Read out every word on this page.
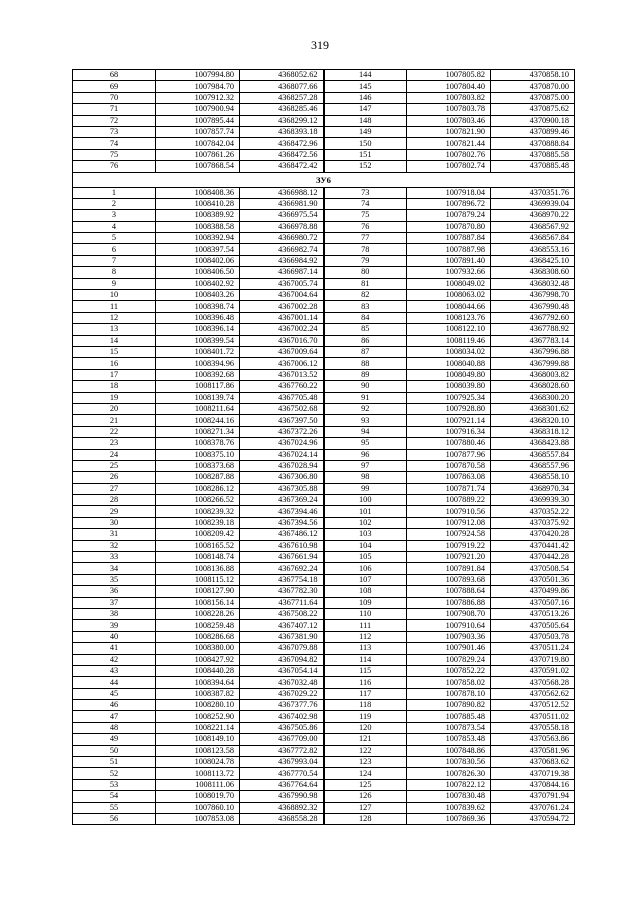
319
68	1007994.80	4368052.62	144	1007805.82	4370858.10
69	1007984.70	4368077.66	145	1007804.40	4370870.00
70	1007912.32	4368257.28	146	1007803.82	4370875.00
71	1007900.94	4368285.46	147	1007803.78	4370875.62
72	1007895.44	4368299.12	148	1007803.46	4370900.18
73	1007857.74	4368393.18	149	1007821.90	4370899.46
74	1007842.04	4368472.96	150	1007821.44	4370888.84
75	1007861.26	4368472.56	151	1007802.76	4370885.58
76	1007868.54	4368472.42	152	1007802.74	4370885.48
ЗУ6					
1	1008408.36	4366988.12	73	1007918.04	4370351.76
2	1008410.28	4366981.90	74	1007896.72	4369939.04
3	1008389.92	4366975.54	75	1007879.24	4368970.22
4	1008388.58	4366978.88	76	1007870.80	4368567.92
5	1008392.94	4366980.72	77	1007887.84	4368567.84
6	1008397.54	4366982.74	78	1007887.98	4368553.16
7	1008402.06	4366984.92	79	1007891.40	4368425.10
8	1008406.50	4366987.14	80	1007932.66	4368308.60
9	1008402.92	4367005.74	81	1008049.02	4368032.48
10	1008403.26	4367004.64	82	1008063.02	4367998.70
11	1008398.74	4367002.28	83	1008044.66	4367990.48
12	1008396.48	4367001.14	84	1008123.76	4367792.60
13	1008396.14	4367002.24	85	1008122.10	4367788.92
14	1008399.54	4367016.70	86	1008119.46	4367783.14
15	1008401.72	4367009.64	87	1008034.02	4367996.88
16	1008394.96	4367006.12	88	1008040.88	4367999.88
17	1008392.68	4367013.52	89	1008049.80	4368003.82
18	1008117.86	4367760.22	90	1008039.80	4368028.60
19	1008139.74	4367705.48	91	1007925.34	4368300.20
20	1008211.64	4367502.68	92	1007928.80	4368301.62
21	1008244.16	4367397.50	93	1007921.14	4368320.10
22	1008271.34	4367372.26	94	1007916.34	4368318.12
23	1008378.76	4367024.96	95	1007880.46	4368423.88
24	1008375.10	4367024.14	96	1007877.96	4368557.84
25	1008373.68	4367028.94	97	1007870.58	4368557.96
26	1008287.88	4367306.80	98	1007863.08	4368558.10
27	1008286.12	4367305.88	99	1007871.74	4368970.34
28	1008266.52	4367369.24	100	1007889.22	4369939.30
29	1008239.32	4367394.46	101	1007910.56	4370352.22
30	1008239.18	4367394.56	102	1007912.08	4370375.92
31	1008209.42	4367486.12	103	1007924.58	4370420.28
32	1008165.52	4367610.98	104	1007919.22	4370441.42
33	1008148.74	4367661.94	105	1007921.20	4370442.28
34	1008136.88	4367692.24	106	1007891.84	4370508.54
35	1008115.12	4367754.18	107	1007893.68	4370501.36
36	1008127.90	4367782.30	108	1007888.64	4370499.86
37	1008156.14	4367711.64	109	1007886.88	4370507.16
38	1008228.26	4367508.22	110	1007908.70	4370513.26
39	1008259.48	4367407.12	111	1007910.64	4370505.64
40	1008286.68	4367381.90	112	1007903.36	4370503.78
41	1008380.00	4367079.88	113	1007901.46	4370511.24
42	1008427.92	4367094.82	114	1007829.24	4370719.80
43	1008440.28	4367054.14	115	1007852.22	4370591.02
44	1008394.64	4367032.48	116	1007858.02	4370568.28
45	1008387.82	4367029.22	117	1007878.10	4370562.62
46	1008280.10	4367377.76	118	1007890.82	4370512.52
47	1008252.90	4367402.98	119	1007885.48	4370511.02
48	1008221.14	4367505.86	120	1007873.54	4370558.18
49	1008149.10	4367709.00	121	1007853.48	4370563.86
50	1008123.58	4367772.82	122	1007848.86	4370581.96
51	1008024.78	4367993.04	123	1007830.56	4370683.62
52	1008113.72	4367770.54	124	1007826.30	4370719.38
53	1008111.06	4367764.64	125	1007822.12	4370844.16
54	1008019.70	4367990.98	126	1007830.48	4370791.94
55	1007860.10	4368892.32	127	1007839.62	4370761.24
56	1007853.08	4368558.28	128	1007869.36	4370594.72
